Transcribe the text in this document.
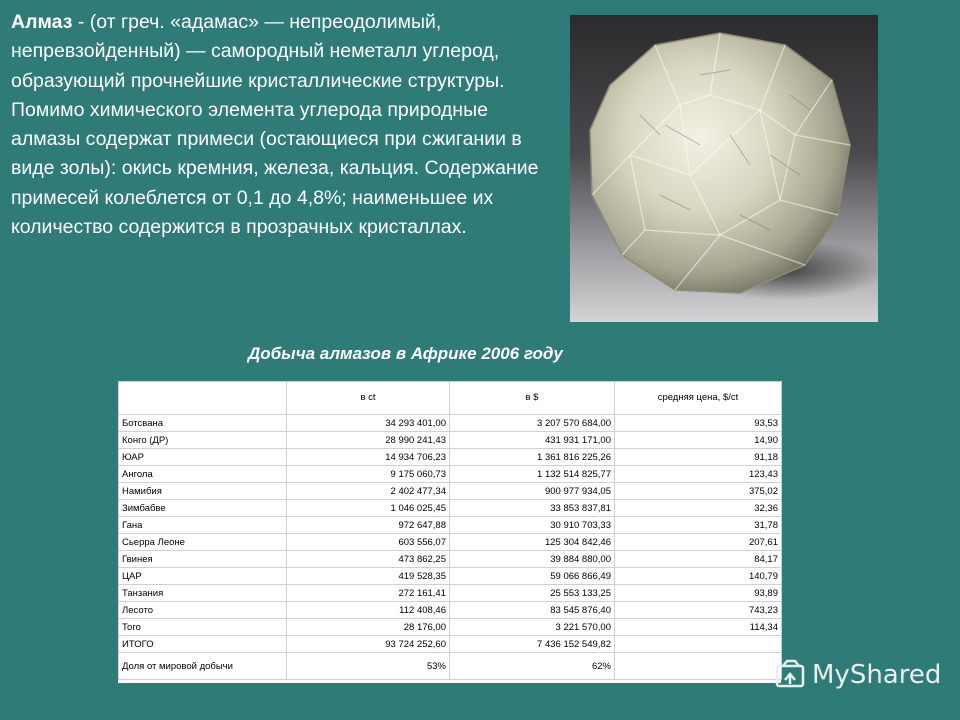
Алмаз - (от греч. «адамас» — непреодолимый, непревзойденный) — самородный неметалл углерод, образующий прочнейшие кристаллические структуры. Помимо химического элемента углерода природные алмазы содержат примеси (остающиеся при сжигании в виде золы): окись кремния, железа, кальция. Содержание примесей колеблется от 0,1 до 4,8%; наименьшее их количество содержится в прозрачных кристаллах.

Добыча алмазов в Африке 2006 году

	в ct	в $	средняя цена, $/ct
Ботсвана	34 293 401,00	3 207 570 684,00	93,53
Конго (ДР)	28 990 241,43	431 931 171,00	14,90
ЮАР	14 934 706,23	1 361 816 225,26	91,18
Ангола	9 175 060,73	1 132 514 825,77	123,43
Намибия	2 402 477,34	900 977 934,05	375,02
Зимбабве	1 046 025,45	33 853 837,81	32,36
Гана	972 647,88	30 910 703,33	31,78
Сьерра Леоне	603 556,07	125 304 842,46	207,61
Гвинея	473 862,25	39 884 880,00	84,17
ЦАР	419 528,35	59 066 866,49	140,79
Танзания	272 161,41	25 553 133,25	93,89
Лесото	112 408,46	83 545 876,40	743,23
Того	28 176,00	3 221 570,00	114,34
ИТОГО	93 724 252,60	7 436 152 549,82	
Доля от мировой добычи	53%	62%		MyShared
